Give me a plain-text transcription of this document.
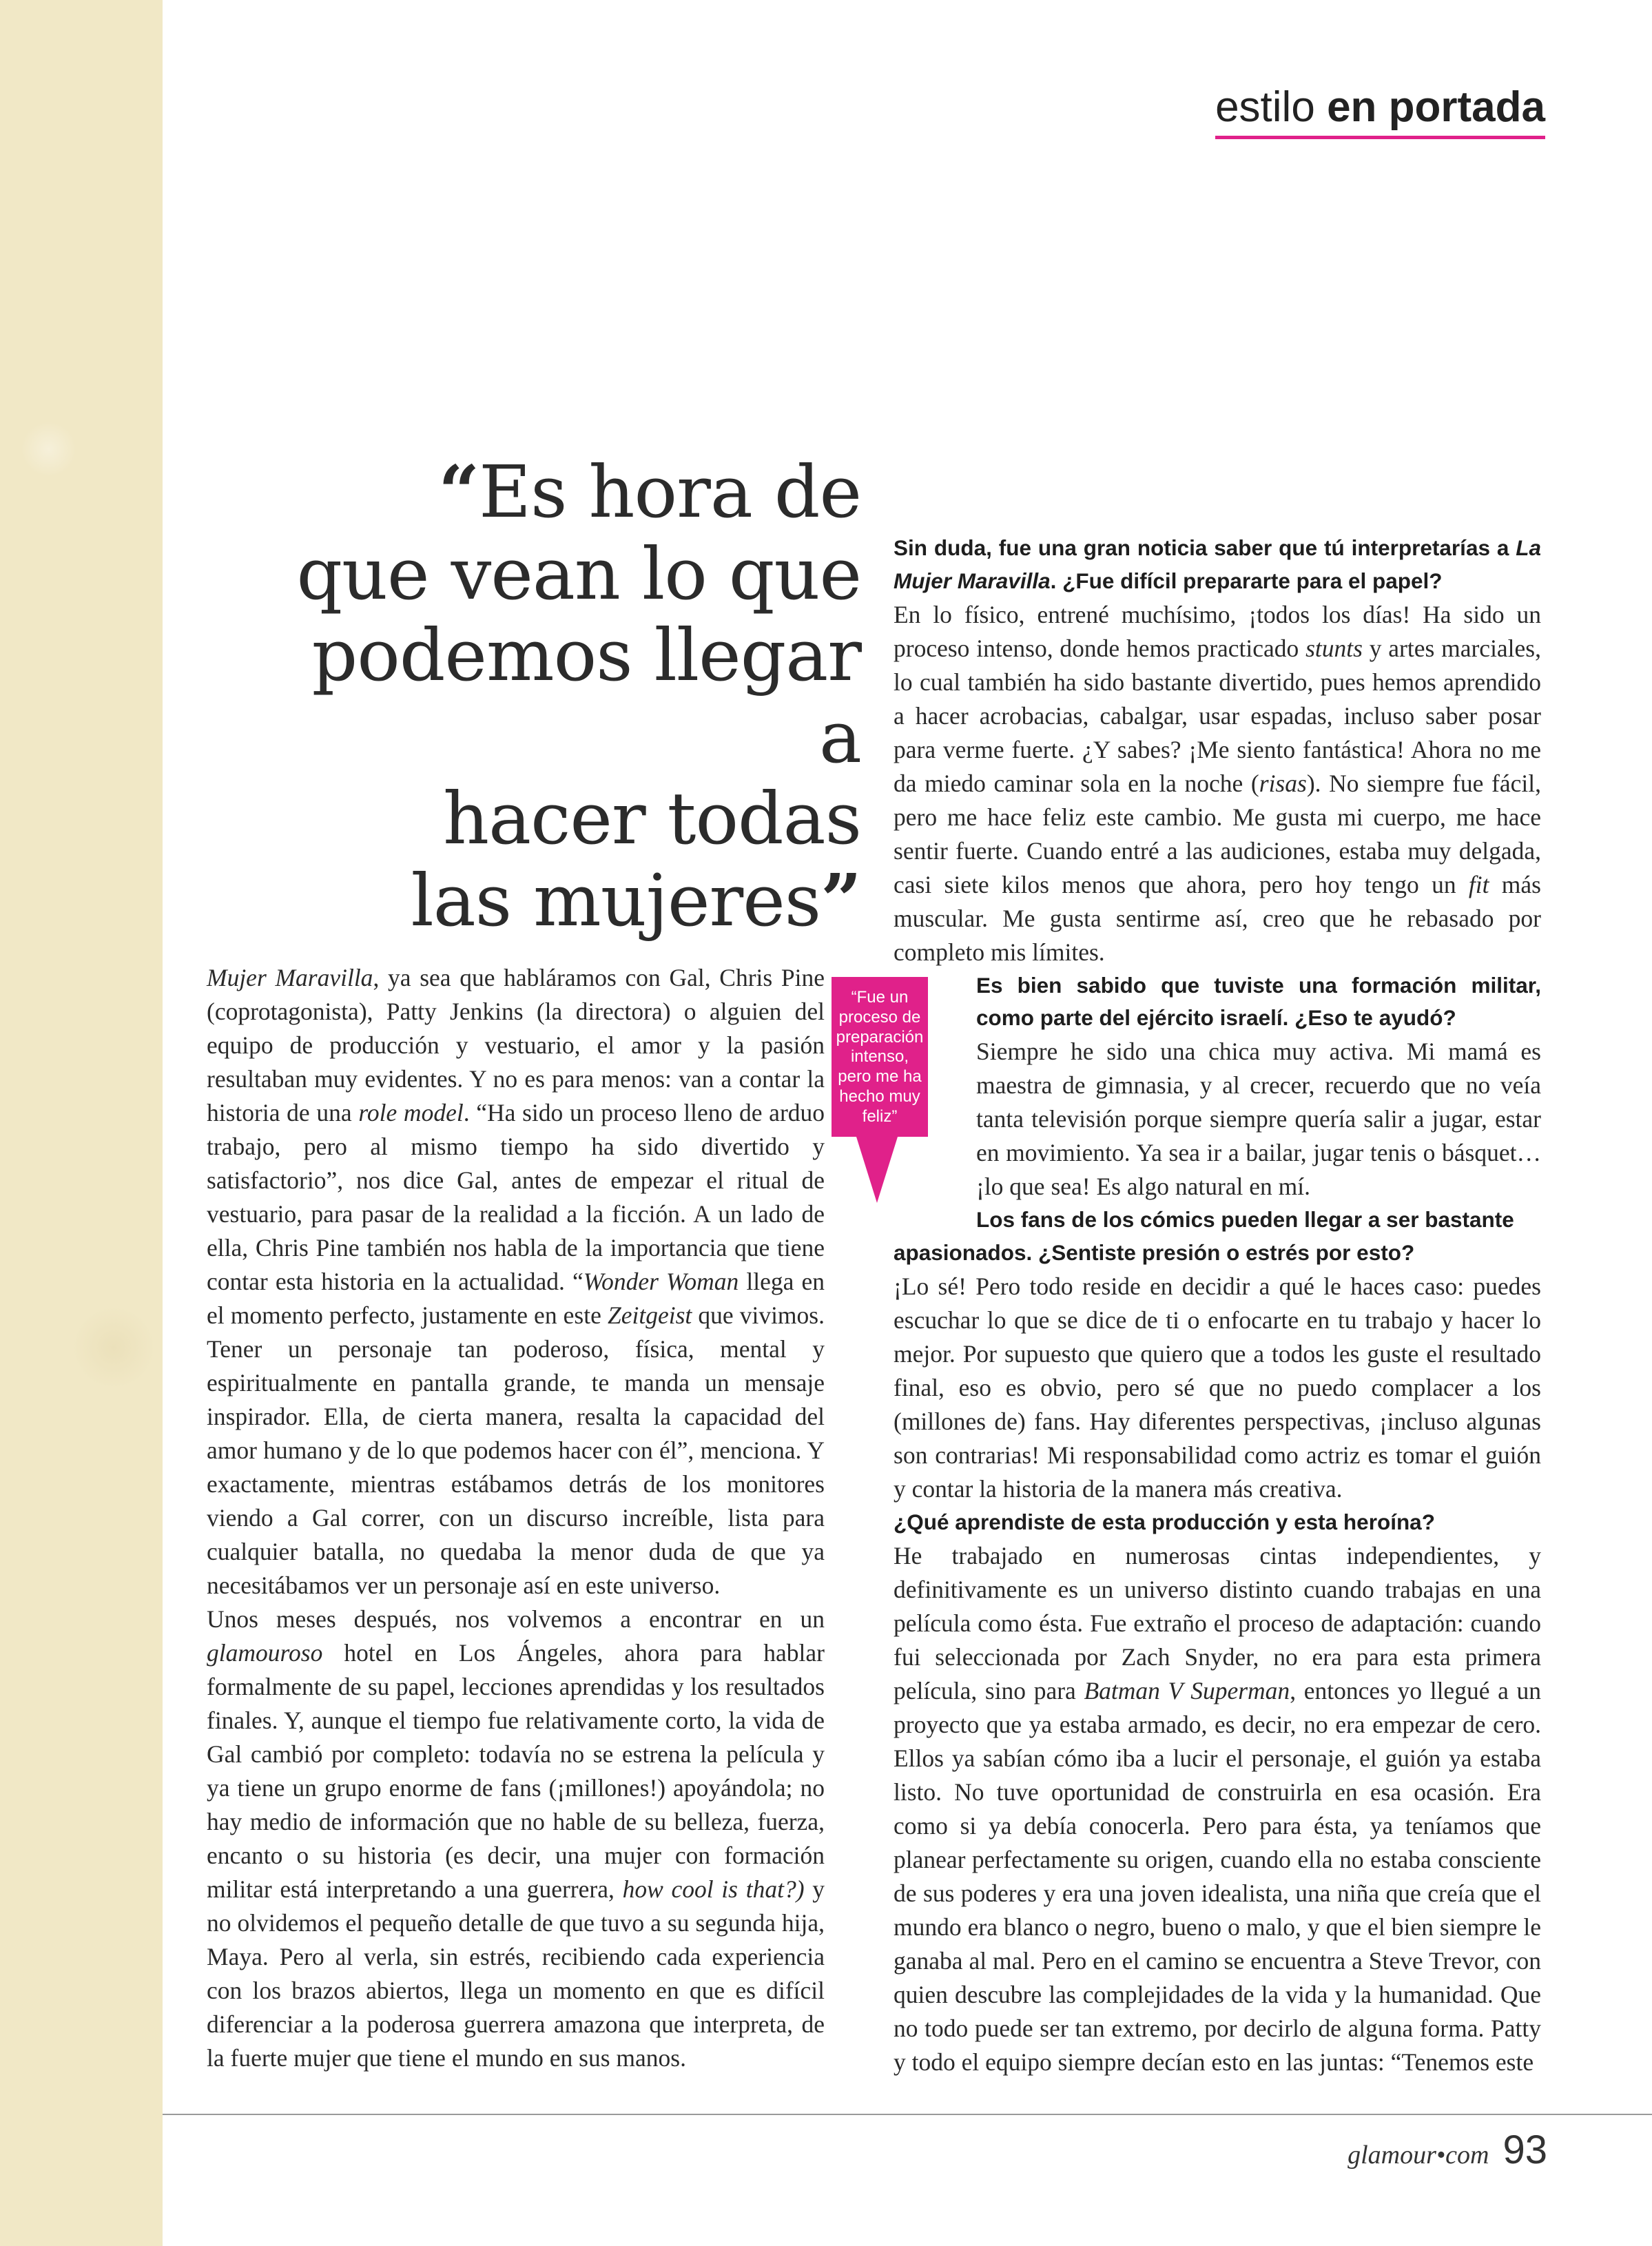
estilo en portada
“Es hora de
que vean lo que
podemos llegar a
hacer todas
las mujeres”

Mujer Maravilla, ya sea que habláramos con Gal, Chris Pine (coprotagonista), Patty Jenkins (la directora) o alguien del equipo de producción y vestuario, el amor y la pasión resultaban muy evidentes. Y no es para menos: van a contar la historia de una role model. “Ha sido un proceso lleno de arduo trabajo, pero al mismo tiempo ha sido divertido y satisfactorio”, nos dice Gal, antes de empezar el ritual de vestuario, para pasar de la realidad a la ficción. A un lado de ella, Chris Pine también nos habla de la importancia que tiene contar esta historia en la actualidad. “Wonder Woman llega en el momento perfecto, justamente en este Zeitgeist que vivimos. Tener un personaje tan poderoso, física, mental y espiritualmente en pantalla grande, te manda un mensaje inspirador. Ella, de cierta manera, resalta la capacidad del amor humano y de lo que podemos hacer con él”, menciona. Y exactamente, mientras estábamos detrás de los monitores viendo a Gal correr, con un discurso increíble, lista para cualquier batalla, no quedaba la menor duda de que ya necesitábamos ver un personaje así en este universo.

Unos meses después, nos volvemos a encontrar en un glamouroso hotel en Los Ángeles, ahora para hablar formalmente de su papel, lecciones aprendidas y los resultados finales. Y, aunque el tiempo fue relativamente corto, la vida de Gal cambió por completo: todavía no se estrena la película y ya tiene un grupo enorme de fans (¡millones!) apoyándola; no hay medio de información que no hable de su belleza, fuerza, encanto o su historia (es decir, una mujer con formación militar está interpretando a una guerrera, how cool is that?) y no olvidemos el pequeño detalle de que tuvo a su segunda hija, Maya. Pero al verla, sin estrés, recibiendo cada experiencia con los brazos abiertos, llega un momento en que es difícil diferenciar a la poderosa guerrera amazona que interpreta, de la fuerte mujer que tiene el mundo en sus manos.

“Fue un proceso de preparación intenso, pero me ha hecho muy feliz”

Sin duda, fue una gran noticia saber que tú interpretarías a La Mujer Maravilla. ¿Fue difícil prepararte para el papel?

En lo físico, entrené muchísimo, ¡todos los días! Ha sido un proceso intenso, donde hemos practicado stunts y artes marciales, lo cual también ha sido bastante divertido, pues hemos aprendido a hacer acrobacias, cabalgar, usar espadas, incluso saber posar para verme fuerte. ¿Y sabes? ¡Me siento fantástica! Ahora no me da miedo caminar sola en la noche (risas). No siempre fue fácil, pero me hace feliz este cambio. Me gusta mi cuerpo, me hace sentir fuerte. Cuando entré a las audiciones, estaba muy delgada, casi siete kilos menos que ahora, pero hoy tengo un fit más muscular. Me gusta sentirme así, creo que he rebasado por completo mis límites.

Es bien sabido que tuviste una formación militar, como parte del ejército israelí. ¿Eso te ayudó?

Siempre he sido una chica muy activa. Mi mamá es maestra de gimnasia, y al crecer, recuerdo que no veía tanta televisión porque siempre quería salir a jugar, estar en movimiento. Ya sea ir a bailar, jugar tenis o básquet… ¡lo que sea! Es algo natural en mí.

Los fans de los cómics pueden llegar a ser bastante
apasionados. ¿Sentiste presión o estrés por esto?

¡Lo sé! Pero todo reside en decidir a qué le haces caso: puedes escuchar lo que se dice de ti o enfocarte en tu trabajo y hacer lo mejor. Por supuesto que quiero que a todos les guste el resultado final, eso es obvio, pero sé que no puedo complacer a los (millones de) fans. Hay diferentes perspectivas, ¡incluso algunas son contrarias! Mi responsabilidad como actriz es tomar el guión y contar la historia de la manera más creativa.

¿Qué aprendiste de esta producción y esta heroína?

He trabajado en numerosas cintas independientes, y definitivamente es un universo distinto cuando trabajas en una película como ésta. Fue extraño el proceso de adaptación: cuando fui seleccionada por Zach Snyder, no era para esta primera película, sino para Batman V Superman, entonces yo llegué a un proyecto que ya estaba armado, es decir, no era empezar de cero. Ellos ya sabían cómo iba a lucir el personaje, el guión ya estaba listo. No tuve oportunidad de construirla en esa ocasión. Era como si ya debía conocerla. Pero para ésta, ya teníamos que planear perfectamente su origen, cuando ella no estaba consciente de sus poderes y era una joven idealista, una niña que creía que el mundo era blanco o negro, bueno o malo, y que el bien siempre le ganaba al mal. Pero en el camino se encuentra a Steve Trevor, con quien descubre las complejidades de la vida y la humanidad. Que no todo puede ser tan extremo, por decirlo de alguna forma. Patty y todo el equipo siempre decían esto en las juntas: “Tenemos este

glamour•com 93
